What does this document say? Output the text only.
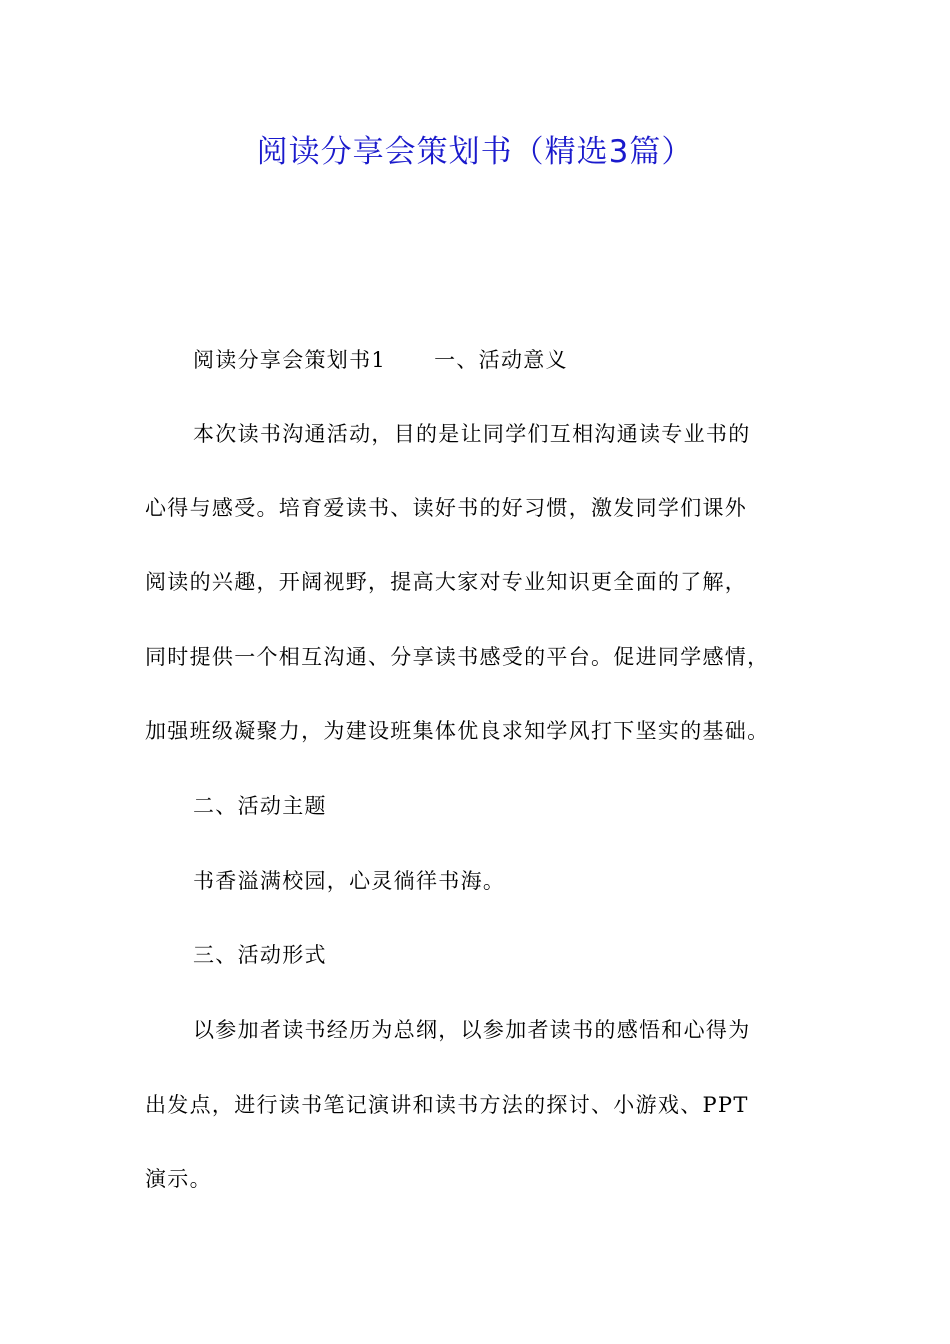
阅读分享会策划书（精选3篇）
阅读分享会策划书1 一、活动意义
本次读书沟通活动，目的是让同学们互相沟通读专业书的
心得与感受。培育爱读书、读好书的好习惯，激发同学们课外
阅读的兴趣，开阔视野，提高大家对专业知识更全面的了解，
同时提供一个相互沟通、分享读书感受的平台。促进同学感情，
加强班级凝聚力，为建设班集体优良求知学风打下坚实的基础。
二、活动主题
书香溢满校园，心灵徜徉书海。
三、活动形式
以参加者读书经历为总纲，以参加者读书的感悟和心得为
出发点，进行读书笔记演讲和读书方法的探讨、小游戏、PPT
演示。
